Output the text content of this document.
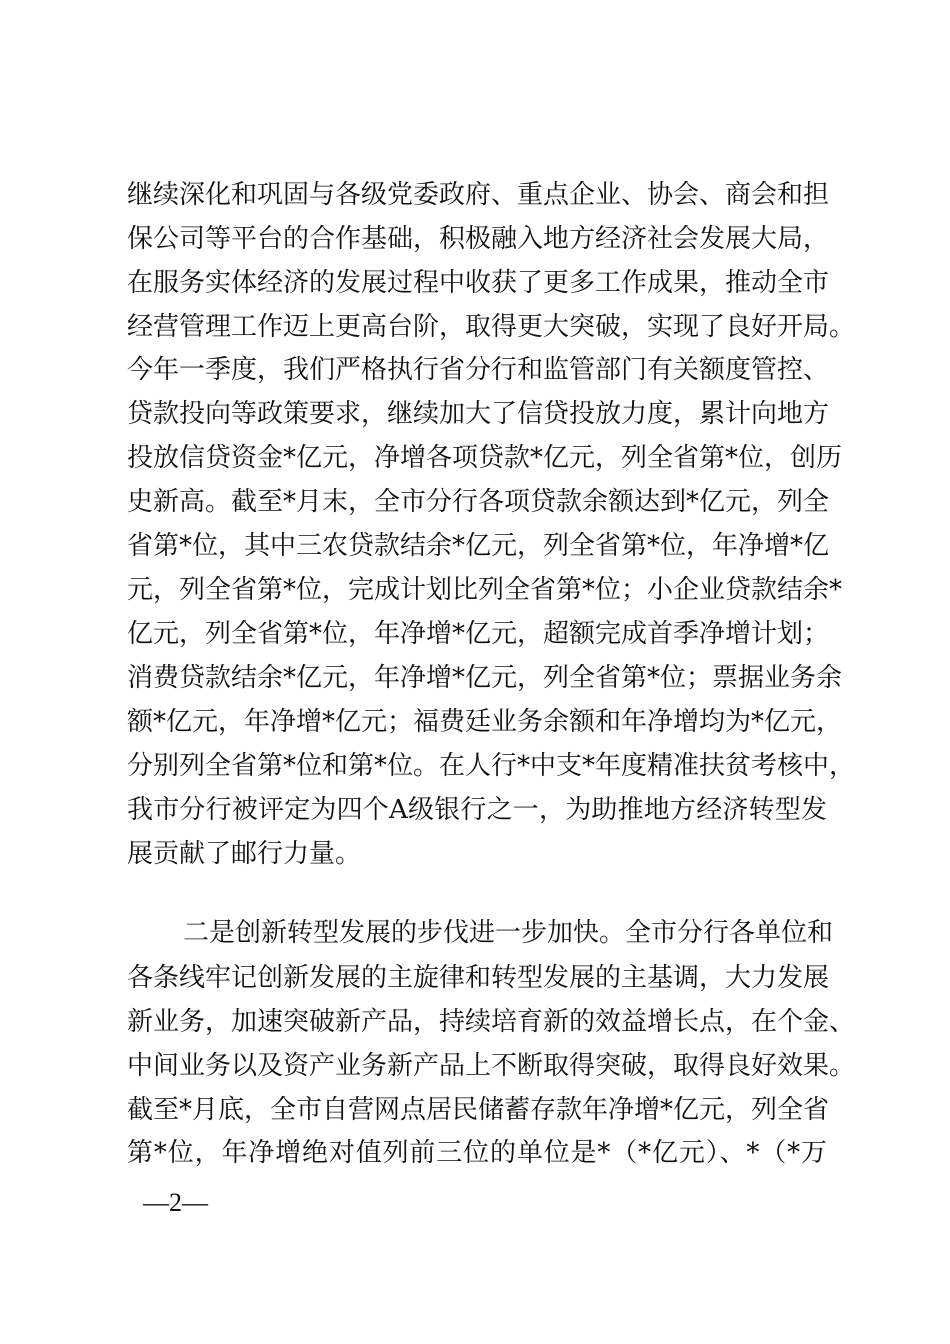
继续深化和巩固与各级党委政府、重点企业、协会、商会和担
保公司等平台的合作基础，积极融入地方经济社会发展大局，
在服务实体经济的发展过程中收获了更多工作成果，推动全市
经营管理工作迈上更高台阶，取得更大突破，实现了良好开局。
今年一季度，我们严格执行省分行和监管部门有关额度管控、
贷款投向等政策要求，继续加大了信贷投放力度，累计向地方
投放信贷资金*亿元，净增各项贷款*亿元，列全省第*位，创历
史新高。截至*月末，全市分行各项贷款余额达到*亿元，列全
省第*位，其中三农贷款结余*亿元，列全省第*位，年净增*亿
元，列全省第*位，完成计划比列全省第*位；小企业贷款结余*
亿元，列全省第*位，年净增*亿元，超额完成首季净增计划；
消费贷款结余*亿元，年净增*亿元，列全省第*位；票据业务余
额*亿元，年净增*亿元；福费廷业务余额和年净增均为*亿元，
分别列全省第*位和第*位。在人行*中支*年度精准扶贫考核中，
我市分行被评定为四个A级银行之一，为助推地方经济转型发
展贡献了邮行力量。
二是创新转型发展的步伐进一步加快。全市分行各单位和
各条线牢记创新发展的主旋律和转型发展的主基调，大力发展
新业务，加速突破新产品，持续培育新的效益增长点，在个金、
中间业务以及资产业务新产品上不断取得突破，取得良好效果。
截至*月底，全市自营网点居民储蓄存款年净增*亿元，列全省
第*位，年净增绝对值列前三位的单位是*（*亿元）、*（*万
—2—
